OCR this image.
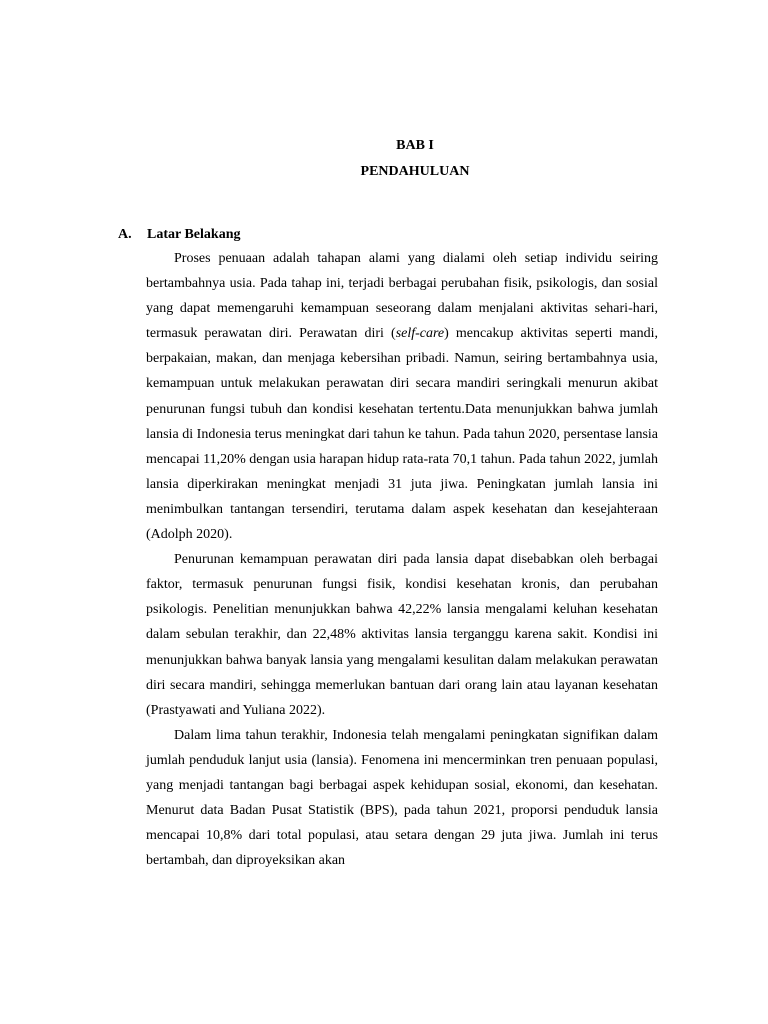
BAB I
PENDAHULUAN
A. Latar Belakang

Proses penuaan adalah tahapan alami yang dialami oleh setiap individu seiring bertambahnya usia. Pada tahap ini, terjadi berbagai perubahan fisik, psikologis, dan sosial yang dapat memengaruhi kemampuan seseorang dalam menjalani aktivitas sehari-hari, termasuk perawatan diri. Perawatan diri (self-care) mencakup aktivitas seperti mandi, berpakaian, makan, dan menjaga kebersihan pribadi. Namun, seiring bertambahnya usia, kemampuan untuk melakukan perawatan diri secara mandiri seringkali menurun akibat penurunan fungsi tubuh dan kondisi kesehatan tertentu.Data menunjukkan bahwa jumlah lansia di Indonesia terus meningkat dari tahun ke tahun. Pada tahun 2020, persentase lansia mencapai 11,20% dengan usia harapan hidup rata-rata 70,1 tahun. Pada tahun 2022, jumlah lansia diperkirakan meningkat menjadi 31 juta jiwa. Peningkatan jumlah lansia ini menimbulkan tantangan tersendiri, terutama dalam aspek kesehatan dan kesejahteraan (Adolph 2020).

Penurunan kemampuan perawatan diri pada lansia dapat disebabkan oleh berbagai faktor, termasuk penurunan fungsi fisik, kondisi kesehatan kronis, dan perubahan psikologis. Penelitian menunjukkan bahwa 42,22% lansia mengalami keluhan kesehatan dalam sebulan terakhir, dan 22,48% aktivitas lansia terganggu karena sakit. Kondisi ini menunjukkan bahwa banyak lansia yang mengalami kesulitan dalam melakukan perawatan diri secara mandiri, sehingga memerlukan bantuan dari orang lain atau layanan kesehatan (Prastyawati and Yuliana 2022).

Dalam lima tahun terakhir, Indonesia telah mengalami peningkatan signifikan dalam jumlah penduduk lanjut usia (lansia). Fenomena ini mencerminkan tren penuaan populasi, yang menjadi tantangan bagi berbagai aspek kehidupan sosial, ekonomi, dan kesehatan. Menurut data Badan Pusat Statistik (BPS), pada tahun 2021, proporsi penduduk lansia mencapai 10,8% dari total populasi, atau setara dengan 29 juta jiwa. Jumlah ini terus bertambah, dan diproyeksikan akan
